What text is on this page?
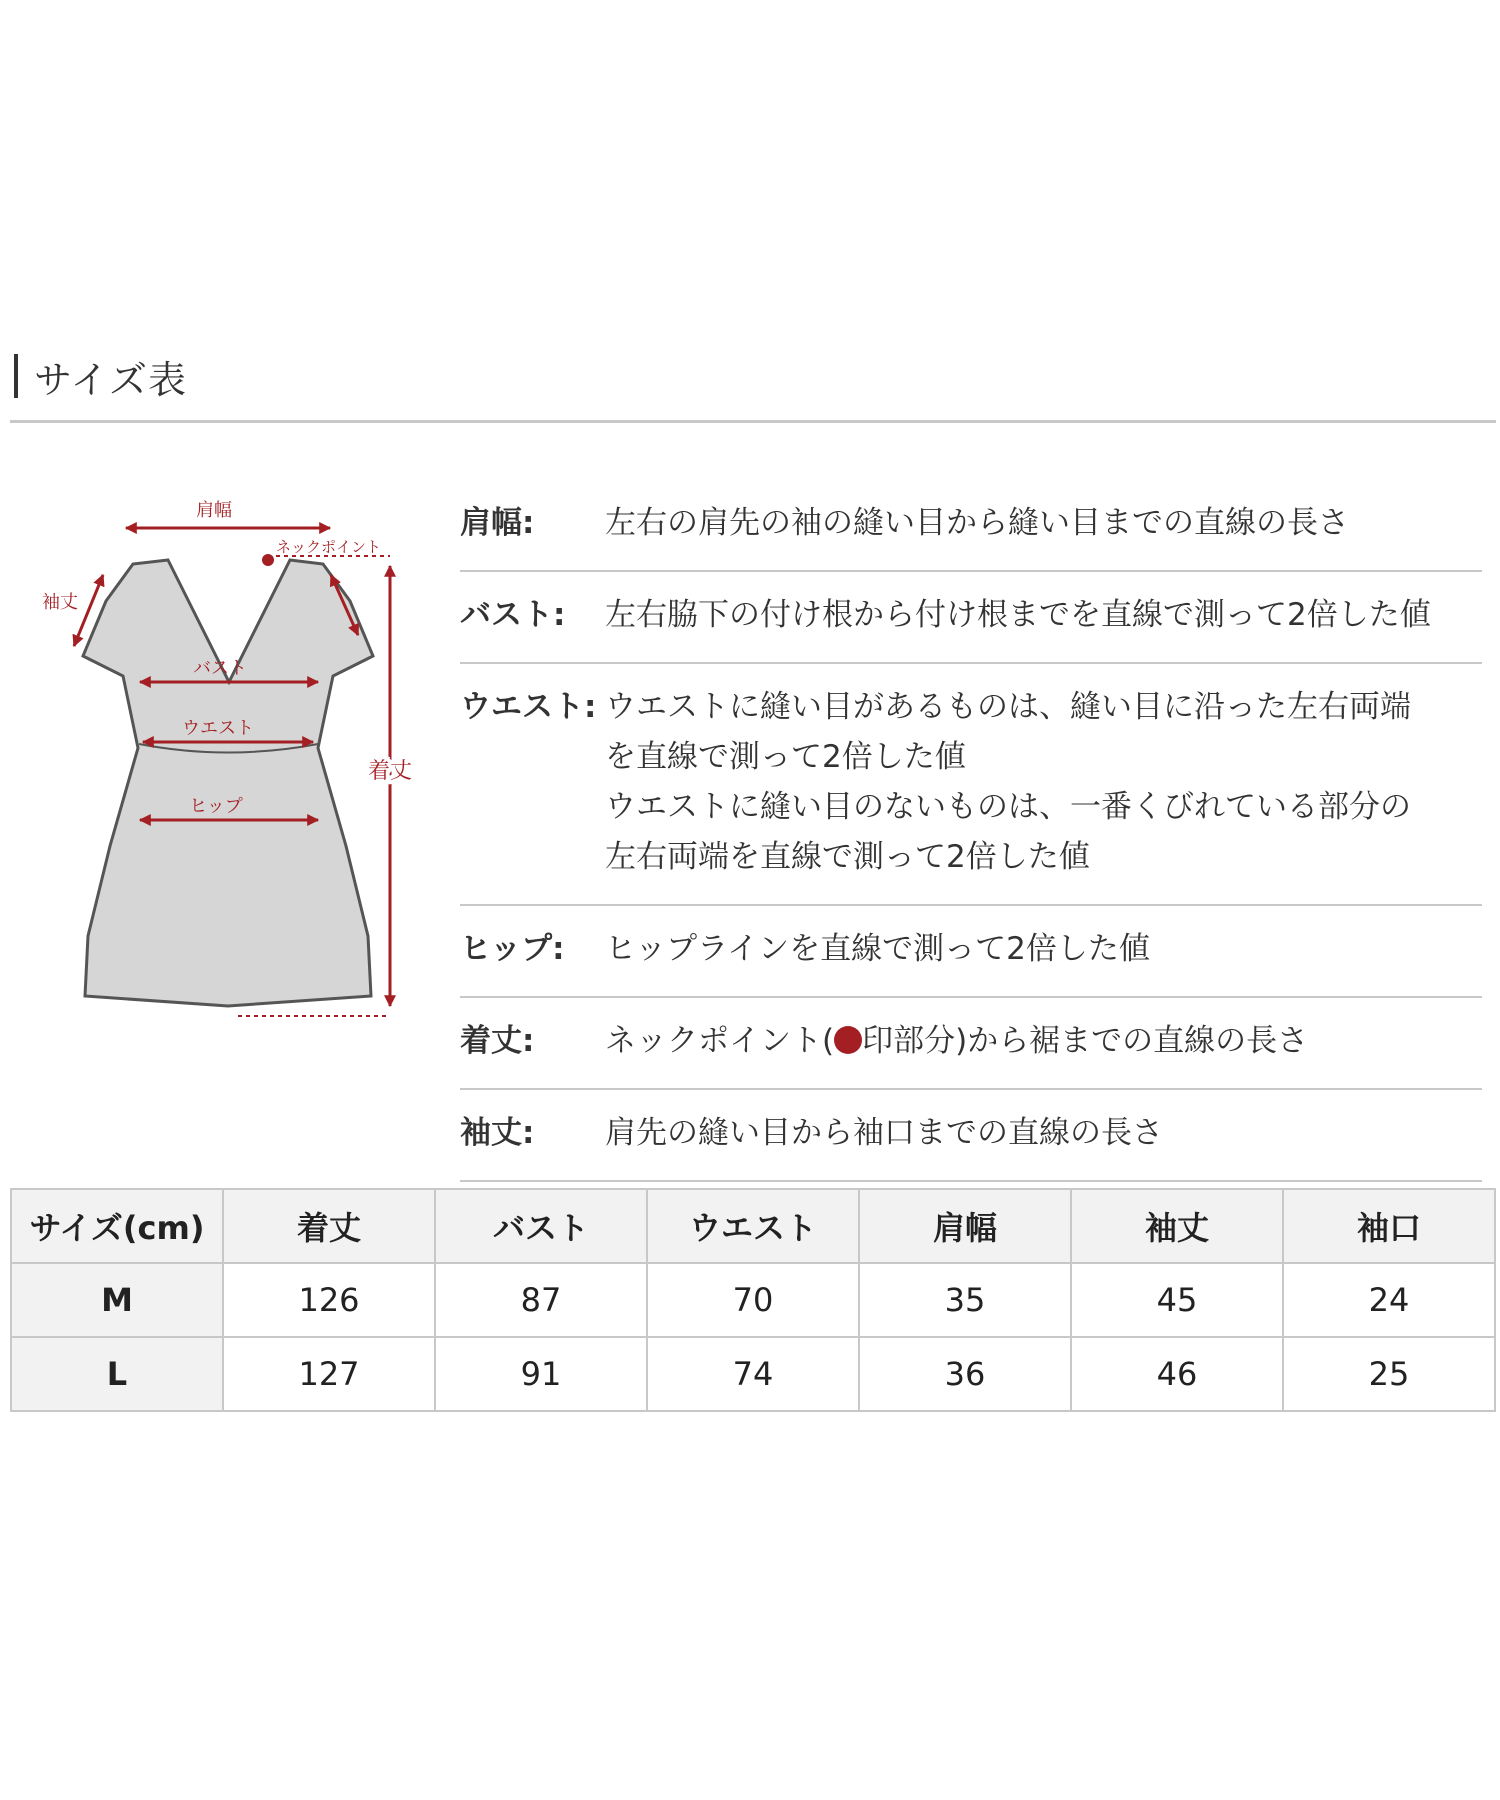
サイズ表
肩幅
ネックポイント
袖丈
バスト
ウエスト
ヒップ
着丈
肩幅:	左右の肩先の袖の縫い目から縫い目までの直線の長さ
バスト:	左右脇下の付け根から付け根までを直線で測って2倍した値
ウエスト: ウエストに縫い目があるものは、縫い目に沿った左右両端
を直線で測って2倍した値
ウエストに縫い目のないものは、一番くびれている部分の
左右両端を直線で測って2倍した値
ヒップ:	ヒップラインを直線で測って2倍した値
着丈:	ネックポイント( 印部分)から裾までの直線の長さ
袖丈:	肩先の縫い目から袖口までの直線の長さ
サイズ(cm)	着丈	バスト	ウエスト	肩幅	袖丈	袖口
M	126	87	70	35	45	24
L	127	91	74	36	46	25
